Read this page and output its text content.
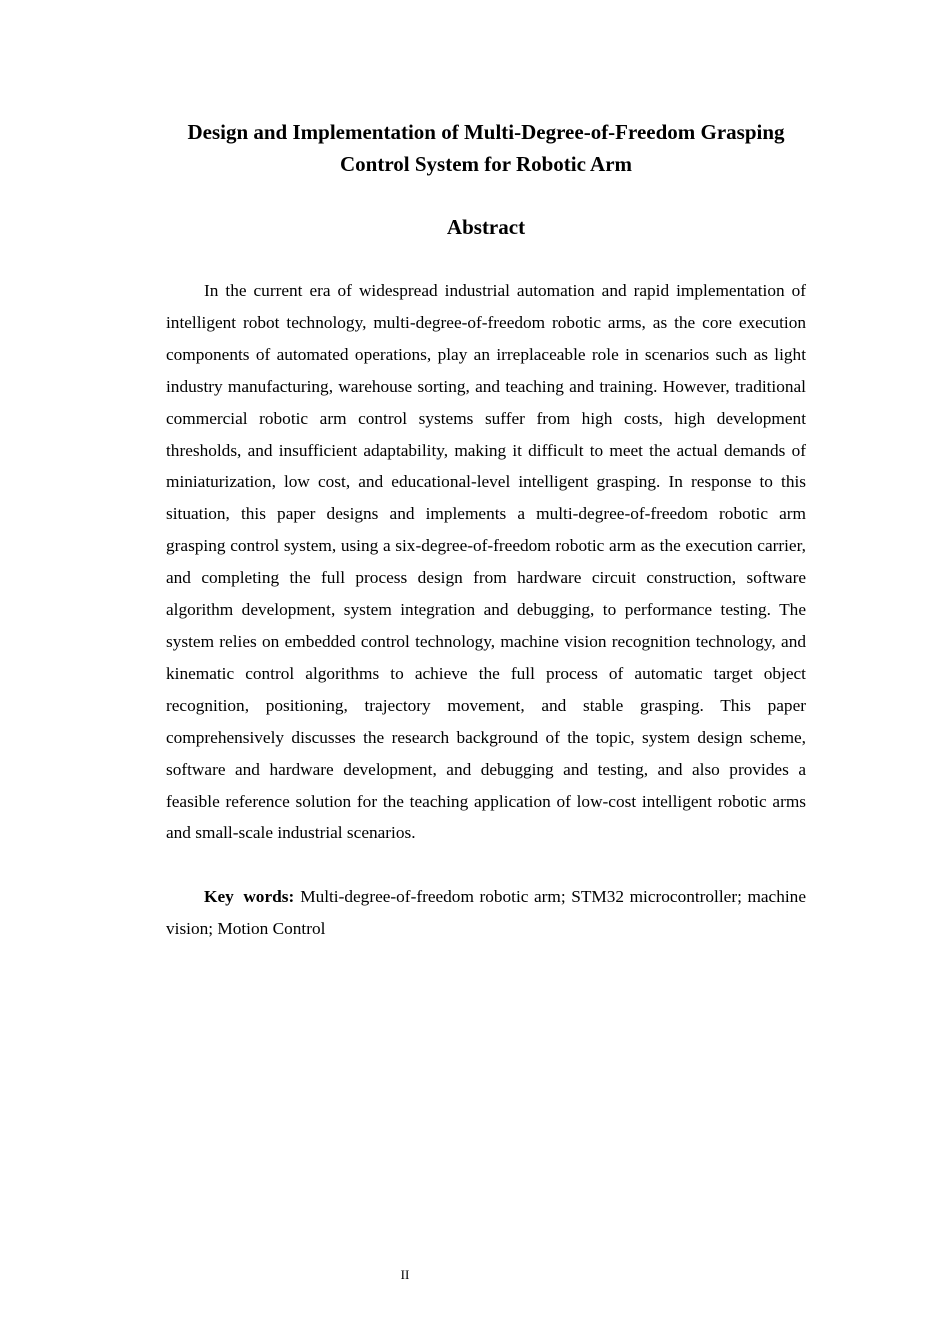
Design and Implementation of Multi-Degree-of-Freedom Grasping
Control System for Robotic Arm
Abstract

In the current era of widespread industrial automation and rapid implementation of intelligent robot technology, multi-degree-of-freedom robotic arms, as the core execution components of automated operations, play an irreplaceable role in scenarios such as light industry manufacturing, warehouse sorting, and teaching and training. However, traditional commercial robotic arm control systems suffer from high costs, high development thresholds, and insufficient adaptability, making it difficult to meet the actual demands of miniaturization, low cost, and educational-level intelligent grasping. In response to this situation, this paper designs and implements a multi-degree-of-freedom robotic arm grasping control system, using a six-degree-of-freedom robotic arm as the execution carrier, and completing the full process design from hardware circuit construction, software algorithm development, system integration and debugging, to performance testing. The system relies on embedded control technology, machine vision recognition technology, and kinematic control algorithms to achieve the full process of automatic target object recognition, positioning, trajectory movement, and stable grasping. This paper comprehensively discusses the research background of the topic, system design scheme, software and hardware development, and debugging and testing, and also provides a feasible reference solution for the teaching application of low-cost intelligent robotic arms and small-scale industrial scenarios.

Key words: Multi-degree-of-freedom robotic arm; STM32 microcontroller; machine vision; Motion Control

II
